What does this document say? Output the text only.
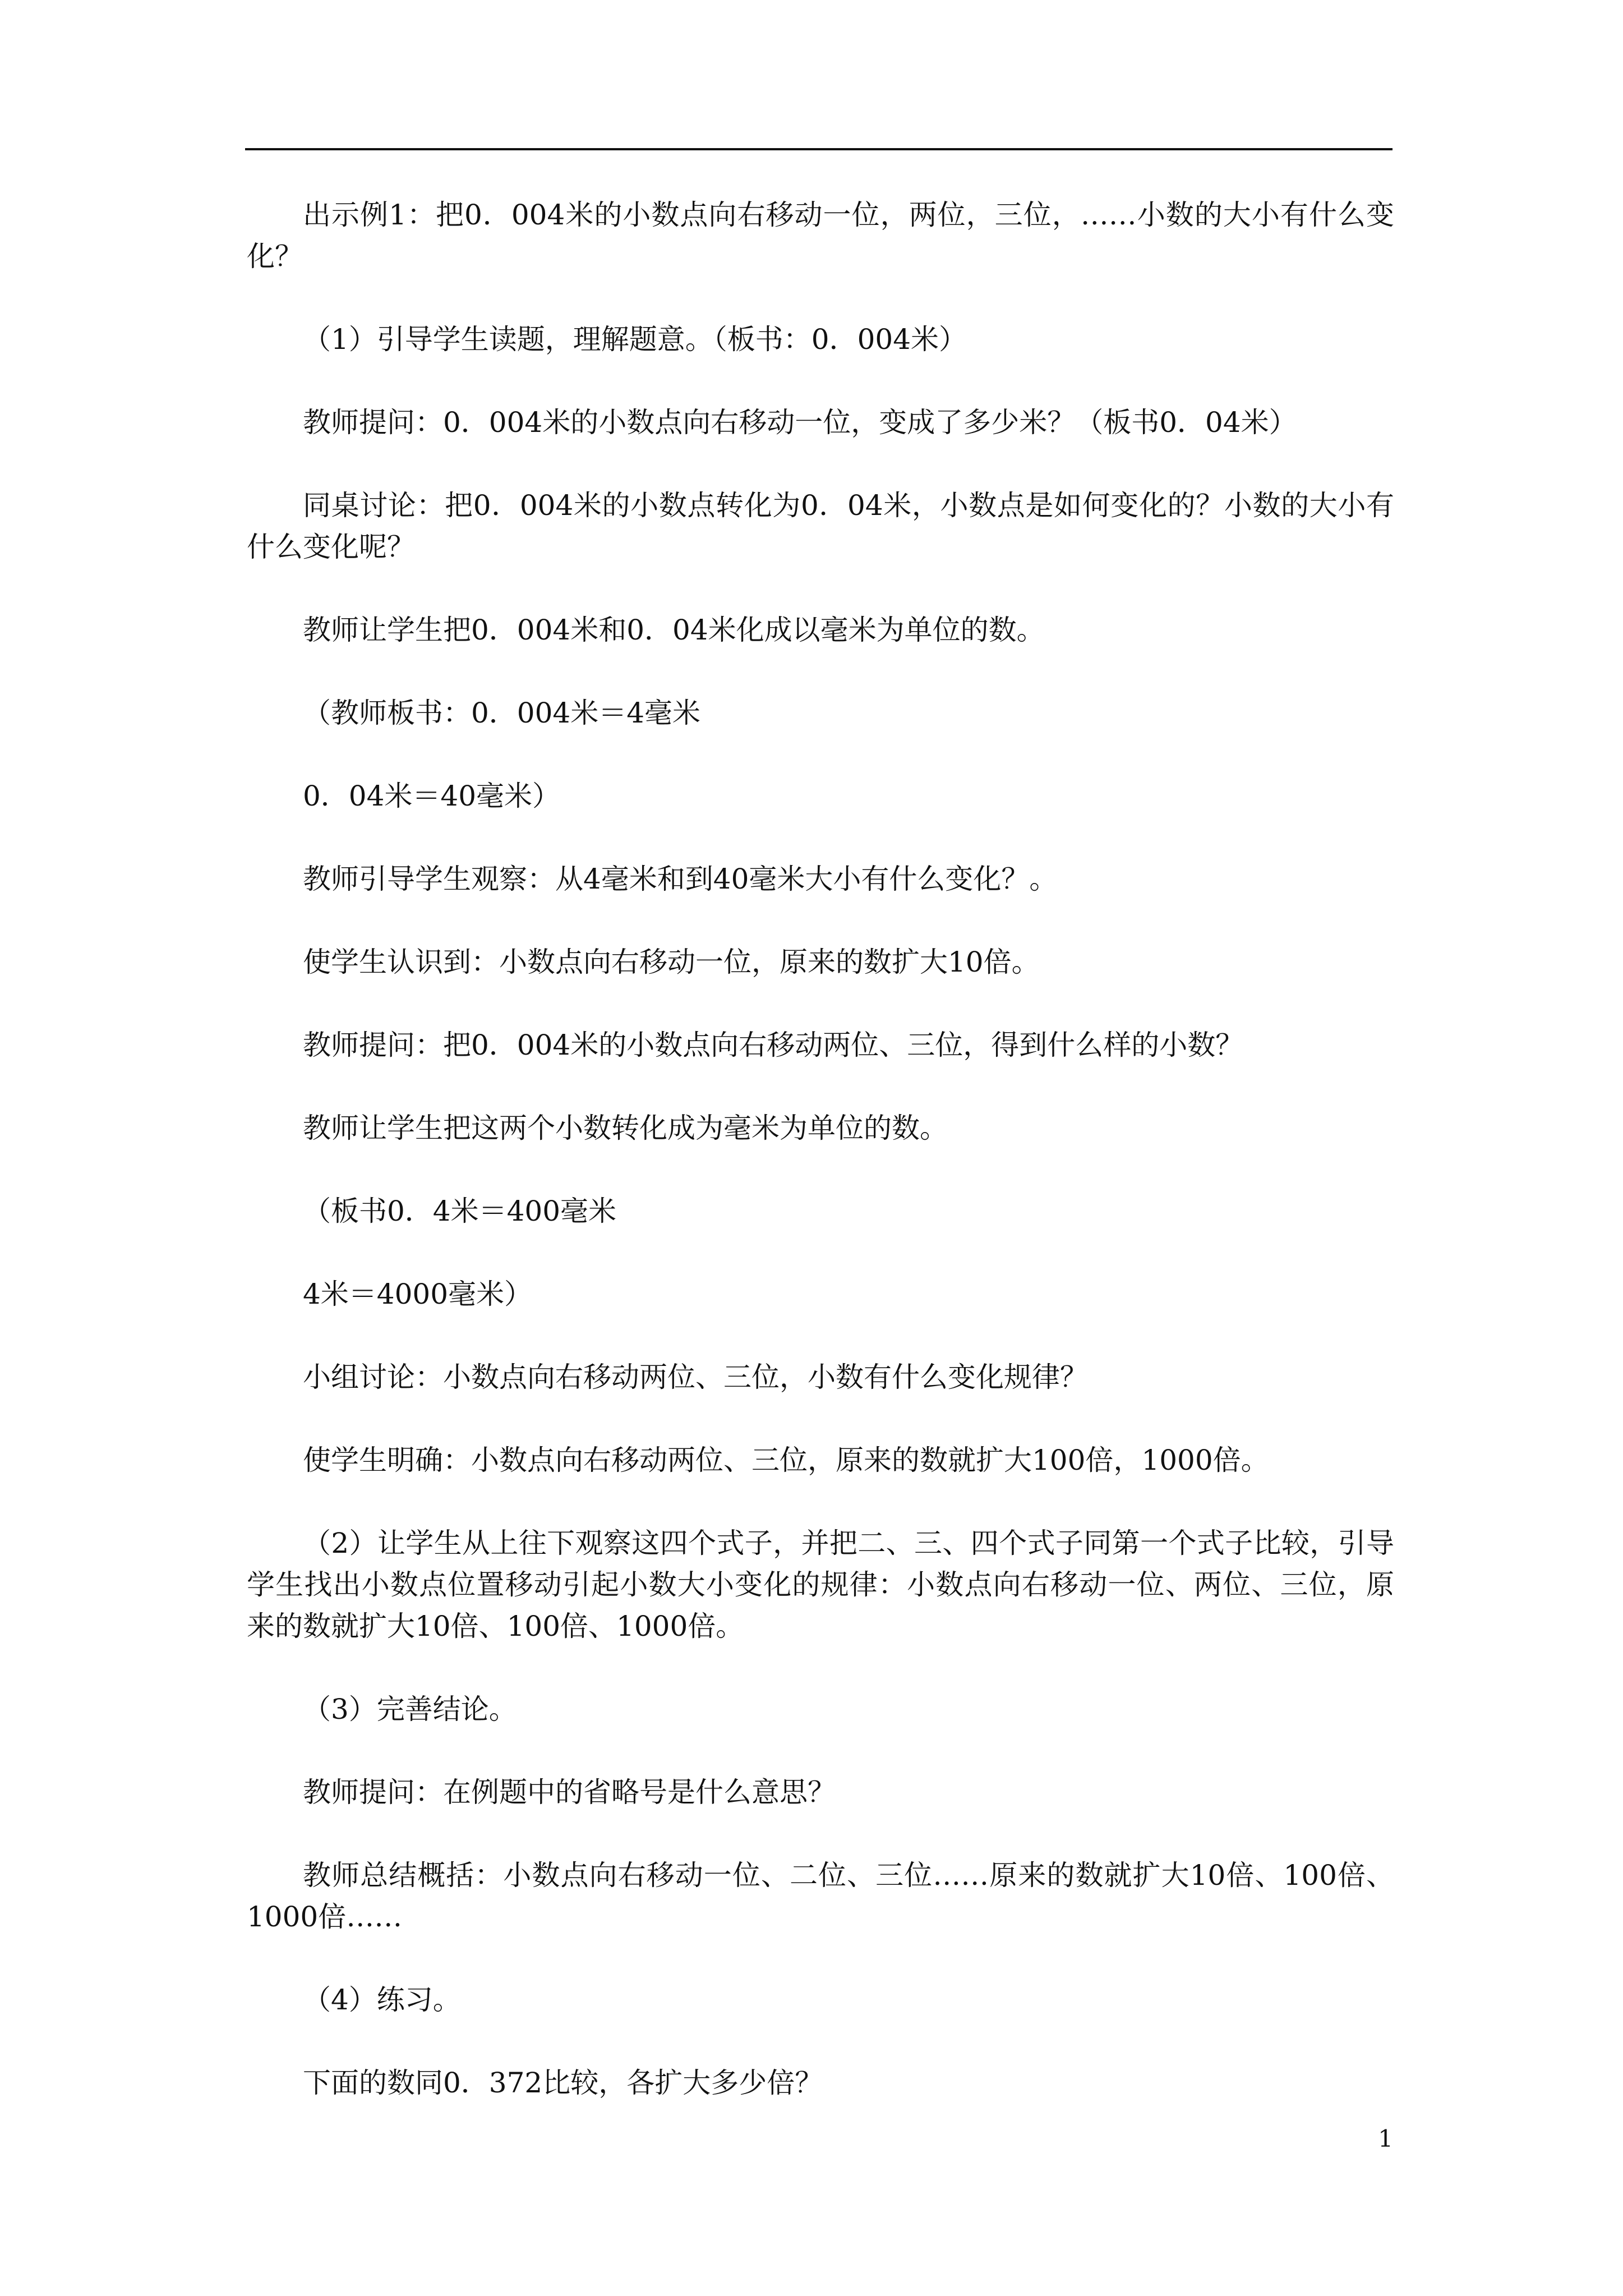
出示例1：把0．004米的小数点向右移动一位，两位，三位，……小数的大小有什么变化？

（1）引导学生读题，理解题意。（板书：0．004米）

教师提问：0．004米的小数点向右移动一位，变成了多少米？（板书0．04米）

同桌讨论：把0．004米的小数点转化为0．04米，小数点是如何变化的？小数的大小有什么变化呢？

教师让学生把0．004米和0．04米化成以毫米为单位的数。

（教师板书：0．004米＝4毫米

0．04米＝40毫米）

教师引导学生观察：从4毫米和到40毫米大小有什么变化？。

使学生认识到：小数点向右移动一位，原来的数扩大10倍。

教师提问：把0．004米的小数点向右移动两位、三位，得到什么样的小数？

教师让学生把这两个小数转化成为毫米为单位的数。

（板书0．4米＝400毫米

4米＝4000毫米）

小组讨论：小数点向右移动两位、三位，小数有什么变化规律？

使学生明确：小数点向右移动两位、三位，原来的数就扩大100倍，1000倍。

（2）让学生从上往下观察这四个式子，并把二、三、四个式子同第一个式子比较，引导学生找出小数点位置移动引起小数大小变化的规律：小数点向右移动一位、两位、三位，原来的数就扩大10倍、100倍、1000倍。

（3）完善结论。

教师提问：在例题中的省略号是什么意思？

教师总结概括：小数点向右移动一位、二位、三位……原来的数就扩大10倍、100倍、1000倍……

（4）练习。

下面的数同0．372比较，各扩大多少倍？

1
